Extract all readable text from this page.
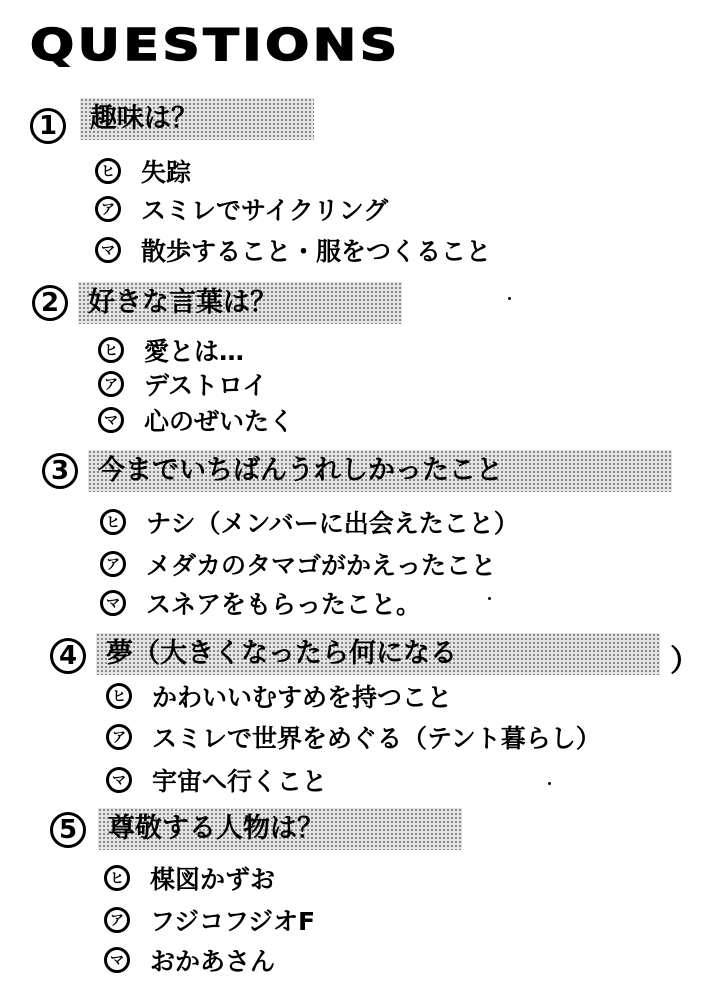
QUESTIONS
1	趣味は？
ヒ 失踪
ア スミレでサイクリング
マ 散歩すること・服をつくること
2	好きな言葉は？
ヒ 愛とは…
ア デストロイ
マ 心のぜいたく
3	今までいちばんうれしかったこと
ヒ ナシ（メンバーに出会えたこと）
ア メダカのタマゴがかえったこと
マ スネアをもらったこと。
4	夢（大きくなったら何になる	）
ヒ かわいいむすめを持つこと
ア スミレで世界をめぐる（テント暮らし）
マ 宇宙へ行くこと
5	尊敬する人物は？
ヒ 楳図かずお
ア フジコフジオF
マ おかあさん
